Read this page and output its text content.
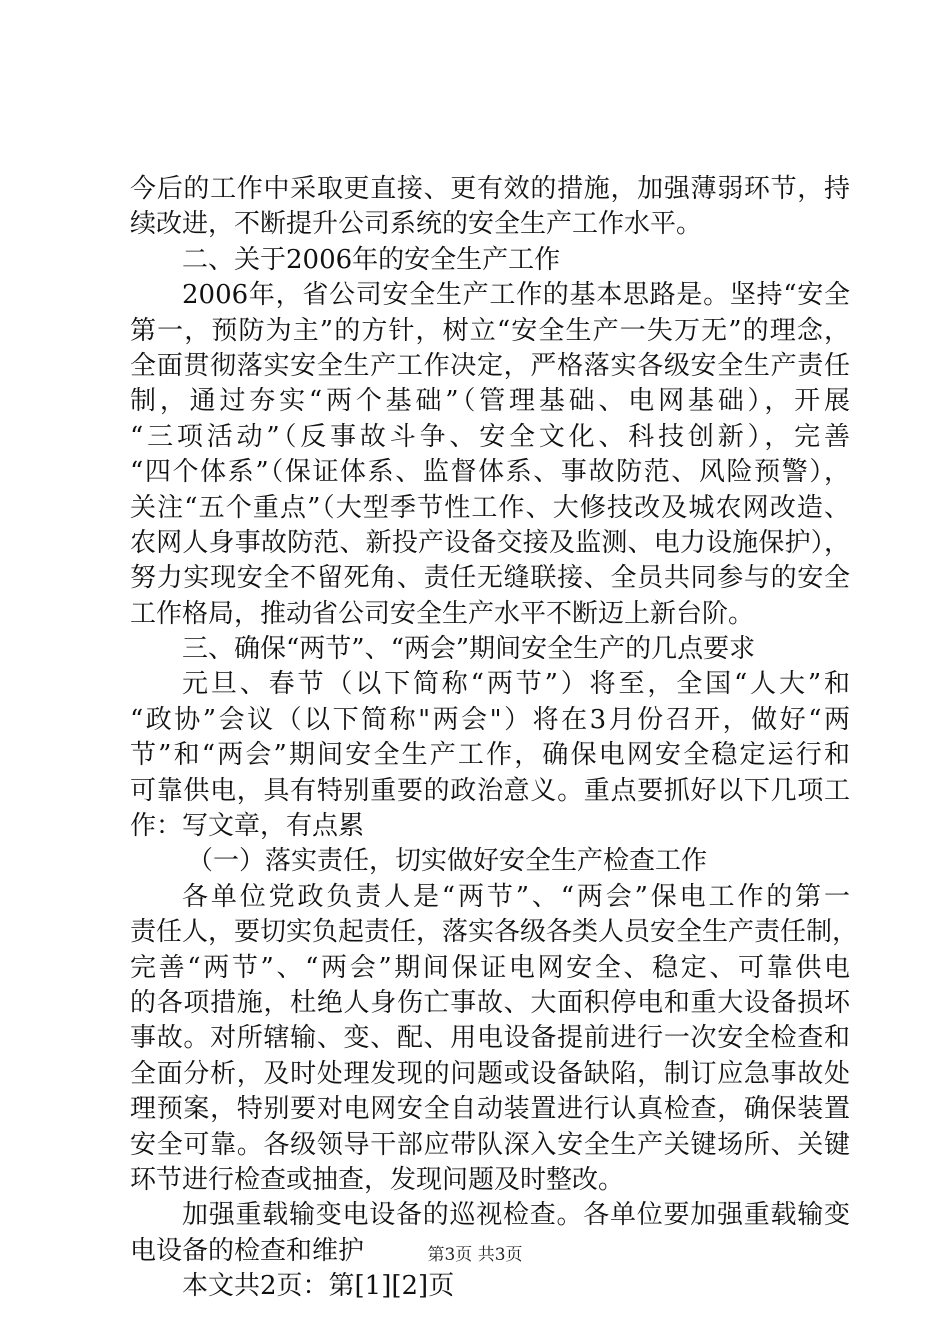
今后的工作中采取更直接、更有效的措施，加强薄弱环节，持
续改进，不断提升公司系统的安全生产工作水平。
二、关于2006年的安全生产工作
2006年，省公司安全生产工作的基本思路是。坚持“安全
第一，预防为主”的方针，树立“安全生产一失万无”的理念，
全面贯彻落实安全生产工作决定，严格落实各级安全生产责任
制，通过夯实“两个基础”（管理基础、电网基础），开展
“三项活动”（反事故斗争、安全文化、科技创新），完善
“四个体系”（保证体系、监督体系、事故防范、风险预警），
关注“五个重点”（大型季节性工作、大修技改及城农网改造、
农网人身事故防范、新投产设备交接及监测、电力设施保护），
努力实现安全不留死角、责任无缝联接、全员共同参与的安全
工作格局，推动省公司安全生产水平不断迈上新台阶。
三、确保“两节”、“两会”期间安全生产的几点要求
元旦、春节（以下简称“两节”）将至，全国“人大”和
“政协”会议（以下简称"两会"）将在3月份召开，做好“两
节”和“两会”期间安全生产工作，确保电网安全稳定运行和
可靠供电，具有特别重要的政治意义。重点要抓好以下几项工
作：写文章，有点累
（一）落实责任，切实做好安全生产检查工作
各单位党政负责人是“两节”、“两会”保电工作的第一
责任人，要切实负起责任，落实各级各类人员安全生产责任制，
完善“两节”、“两会”期间保证电网安全、稳定、可靠供电
的各项措施，杜绝人身伤亡事故、大面积停电和重大设备损坏
事故。对所辖输、变、配、用电设备提前进行一次安全检查和
全面分析，及时处理发现的问题或设备缺陷，制订应急事故处
理预案，特别要对电网安全自动装置进行认真检查，确保装置
安全可靠。各级领导干部应带队深入安全生产关键场所、关键
环节进行检查或抽查，发现问题及时整改。
加强重载输变电设备的巡视检查。各单位要加强重载输变
电设备的检查和维护
本文共2页：第[1][2]页
第3页 共3页
